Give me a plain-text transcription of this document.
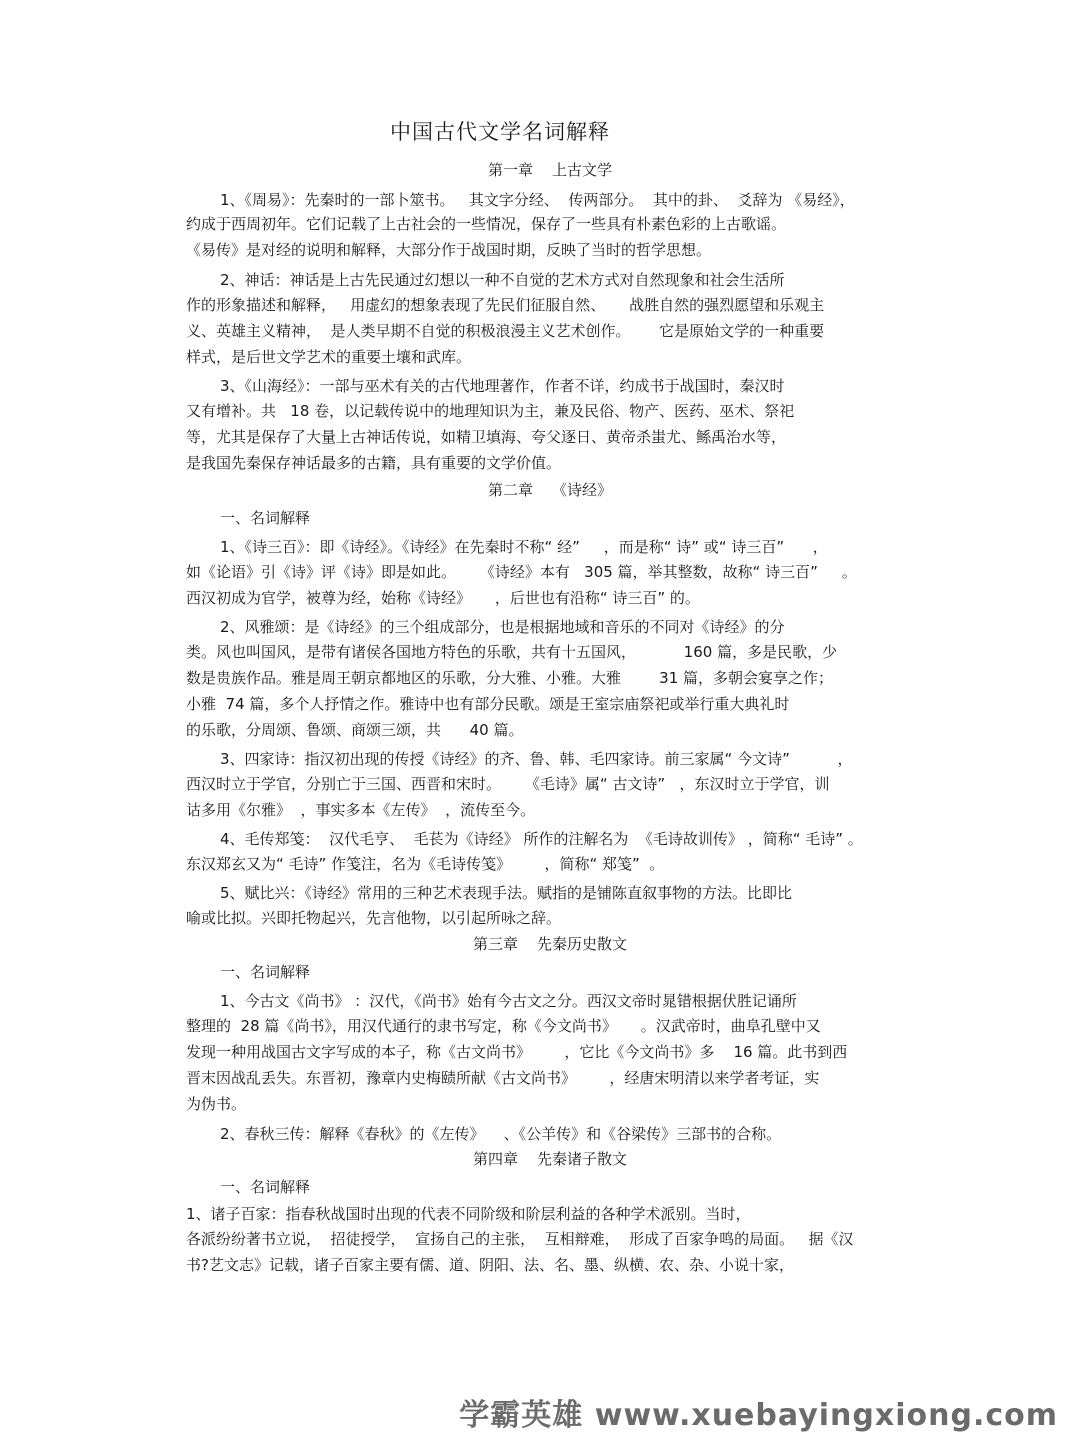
中国古代文学名词解释
第一章    上古文学
1、《周易》：先秦时的一部卜筮书。   其文字分经、  传两部分。  其中的卦、  爻辞为 《易经》，
约成于西周初年。它们记载了上古社会的一些情况，保存了一些具有朴素色彩的上古歌谣。
《易传》是对经的说明和解释，大部分作于战国时期，反映了当时的哲学思想。
2、神话：神话是上古先民通过幻想以一种不自觉的艺术方式对自然现象和社会生活所
作的形象描述和解释，   用虚幻的想象表现了先民们征服自然、     战胜自然的强烈愿望和乐观主
义、英雄主义精神，  是人类早期不自觉的积极浪漫主义艺术创作。      它是原始文学的一种重要
样式，是后世文学艺术的重要土壤和武库。
3、《山海经》：一部与巫术有关的古代地理著作，作者不详，约成书于战国时，秦汉时
又有增补。共   18 卷，以记载传说中的地理知识为主，兼及民俗、物产、医药、巫术、祭祀
等，尤其是保存了大量上古神话传说，如精卫填海、夸父逐日、黄帝杀蚩尤、鲧禹治水等，
是我国先秦保存神话最多的古籍，具有重要的文学价值。
第二章    《诗经》
一、名词解释
1、《诗三百》：即《诗经》。《诗经》在先秦时不称“ 经”     ，而是称“ 诗” 或“ 诗三百”      ，
如《论语》引《诗》评《诗》即是如此。     《诗经》本有   305 篇，举其整数，故称“ 诗三百”     。
西汉初成为官学，被尊为经，始称《诗经》     ，后世也有沿称“ 诗三百” 的。
2、风雅颂：是《诗经》的三个组成部分，也是根据地域和音乐的不同对《诗经》的分
类。风也叫国风，是带有诸侯各国地方特色的乐歌，共有十五国风，          160 篇，多是民歌，少
数是贵族作品。雅是周王朝京都地区的乐歌，分大雅、小雅。大雅        31 篇，多朝会宴享之作；
小雅  74 篇，多个人抒情之作。雅诗中也有部分民歌。颂是王室宗庙祭祀或举行重大典礼时
的乐歌，分周颂、鲁颂、商颂三颂，共      40 篇。
3、四家诗：指汉初出现的传授《诗经》的齐、鲁、韩、毛四家诗。前三家属“ 今文诗”          ，
西汉时立于学官，分别亡于三国、西晋和宋时。     《毛诗》属“ 古文诗”   ，东汉时立于学官，训
诂多用《尔雅》  ，事实多本《左传》  ，流传至今。
4、毛传郑笺：  汉代毛亨、  毛苌为《诗经》 所作的注解名为  《毛诗故训传》 ，简称“ 毛诗” 。
东汉郑玄又为“ 毛诗” 作笺注，名为《毛诗传笺》       ，简称“ 郑笺”  。
5、赋比兴：《诗经》常用的三种艺术表现手法。赋指的是铺陈直叙事物的方法。比即比
喻或比拟。兴即托物起兴，先言他物，以引起所咏之辞。
第三章    先秦历史散文
一、名词解释
1、今古文《尚书》 ：汉代，《尚书》始有今古文之分。西汉文帝时晁错根据伏胜记诵所
整理的  28 篇《尚书》，用汉代通行的隶书写定，称《今文尚书》     。汉武帝时，曲阜孔壁中又
发现一种用战国古文字写成的本子，称《古文尚书》       ，它比《今文尚书》多    16 篇。此书到西
晋末因战乱丢失。东晋初，豫章内史梅赜所献《古文尚书》       ，经唐宋明清以来学者考证，实
为伪书。
2、春秋三传：解释《春秋》的《左传》    、《公羊传》和《谷梁传》三部书的合称。
第四章    先秦诸子散文
一、名词解释
1、诸子百家：指春秋战国时出现的代表不同阶级和阶层利益的各种学术派别。当时，
各派纷纷著书立说，  招徒授学，  宣扬自己的主张，  互相辩难，  形成了百家争鸣的局面。   据《汉
书?艺文志》记载，诸子百家主要有儒、道、阴阳、法、名、墨、纵横、农、杂、小说十家，
学霸英雄 www.xuebayingxiong.com
